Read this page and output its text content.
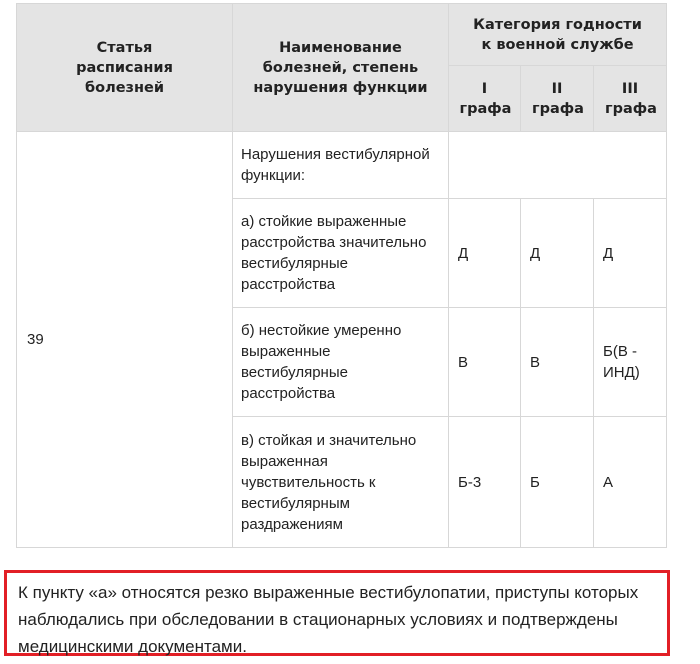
Статья расписания болезней	Наименование болезней, степень нарушения функции	Категория годности к военной службе		
		I графа	II графа	III графа
39	Нарушения вестибулярной функции:			
	а) стойкие выраженные расстройства значительно вестибулярные расстройства	Д	Д	Д
	б) нестойкие умеренно выраженные вестибулярные расстройства	В	В	Б(В - ИНД)
	в) стойкая и значительно выраженная чувствительность к вестибулярным раздражениям	Б-3	Б	А
К пункту «а» относятся резко выраженные вестибулопатии, приступы которых наблюдались при обследовании в стационарных условиях и подтверждены медицинскими документами.
